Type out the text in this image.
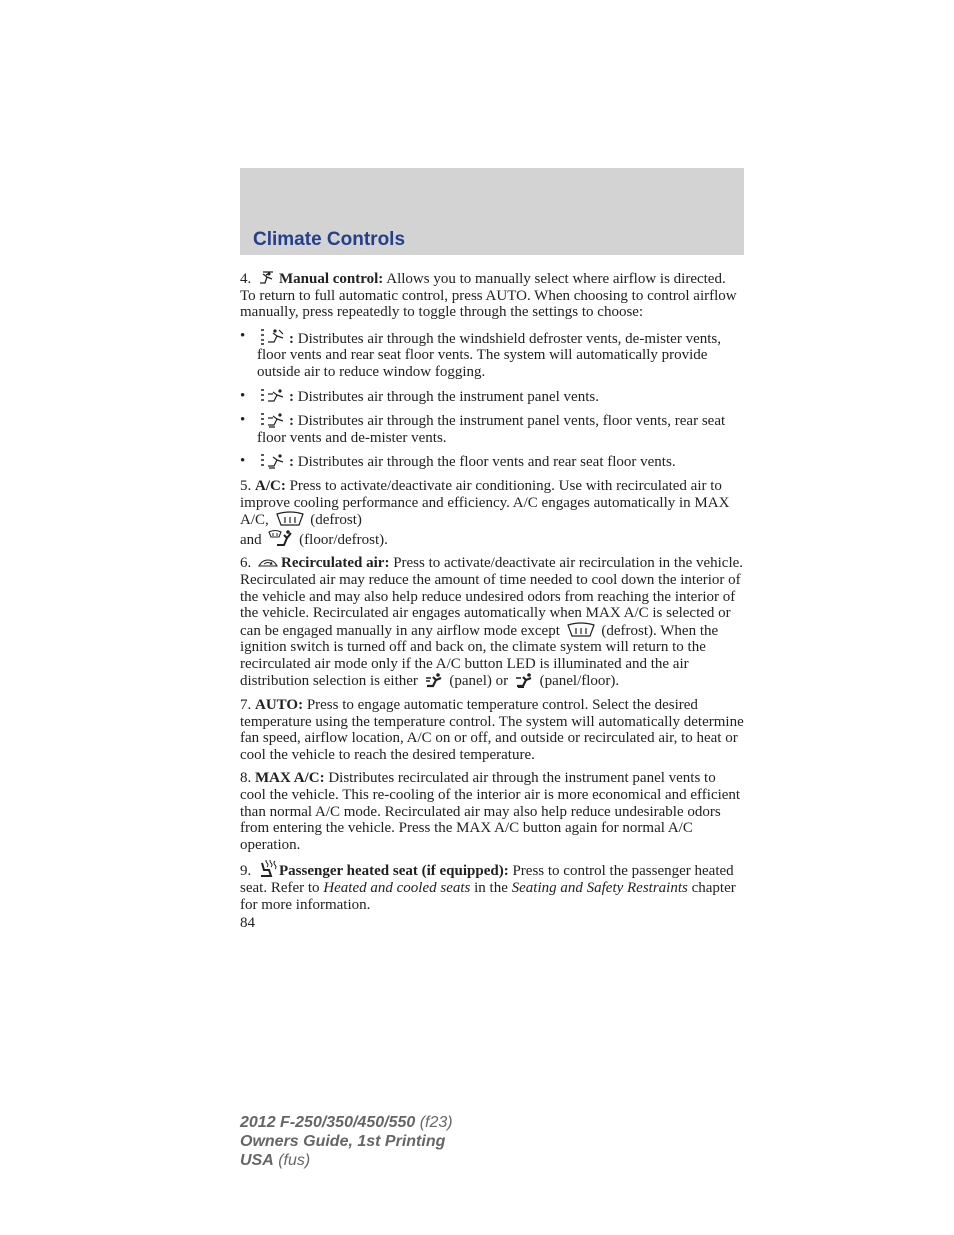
Climate Controls

4. Manual control: Allows you to manually select where airflow is directed. To return to full automatic control, press AUTO. When choosing to control airflow manually, press repeatedly to toggle through the settings to choose:

• : Distributes air through the windshield defroster vents, de-mister vents, floor vents and rear seat floor vents. The system will automatically provide outside air to reduce window fogging.
• : Distributes air through the instrument panel vents.
• : Distributes air through the instrument panel vents, floor vents, rear seat floor vents and de-mister vents.
• : Distributes air through the floor vents and rear seat floor vents.

5. A/C: Press to activate/deactivate air conditioning. Use with recirculated air to improve cooling performance and efficiency. A/C engages automatically in MAX A/C,	(defrost)
and	(floor/defrost).

6. Recirculated air: Press to activate/deactivate air recirculation in the vehicle. Recirculated air may reduce the amount of time needed to cool down the interior of the vehicle and may also help reduce undesired odors from reaching the interior of the vehicle. Recirculated air engages automatically when MAX A/C is selected or can be engaged manually in any airflow mode except	(defrost). When the ignition switch is turned off and back on, the climate system will return to the recirculated air mode only if the A/C button LED is illuminated and the air distribution selection is either (panel) or (panel/floor).

7. AUTO: Press to engage automatic temperature control. Select the desired temperature using the temperature control. The system will automatically determine fan speed, airflow location, A/C on or off, and outside or recirculated air, to heat or cool the vehicle to reach the desired temperature.

8. MAX A/C: Distributes recirculated air through the instrument panel vents to cool the vehicle. This re-cooling of the interior air is more economical and efficient than normal A/C mode. Recirculated air may also help reduce undesirable odors from entering the vehicle. Press the MAX A/C button again for normal A/C operation.

9. Passenger heated seat (if equipped): Press to control the passenger heated seat. Refer to Heated and cooled seats in the Seating and Safety Restraints chapter for more information.

84
2012 F-250/350/450/550 (f23)
Owners Guide, 1st Printing
USA (fus)
